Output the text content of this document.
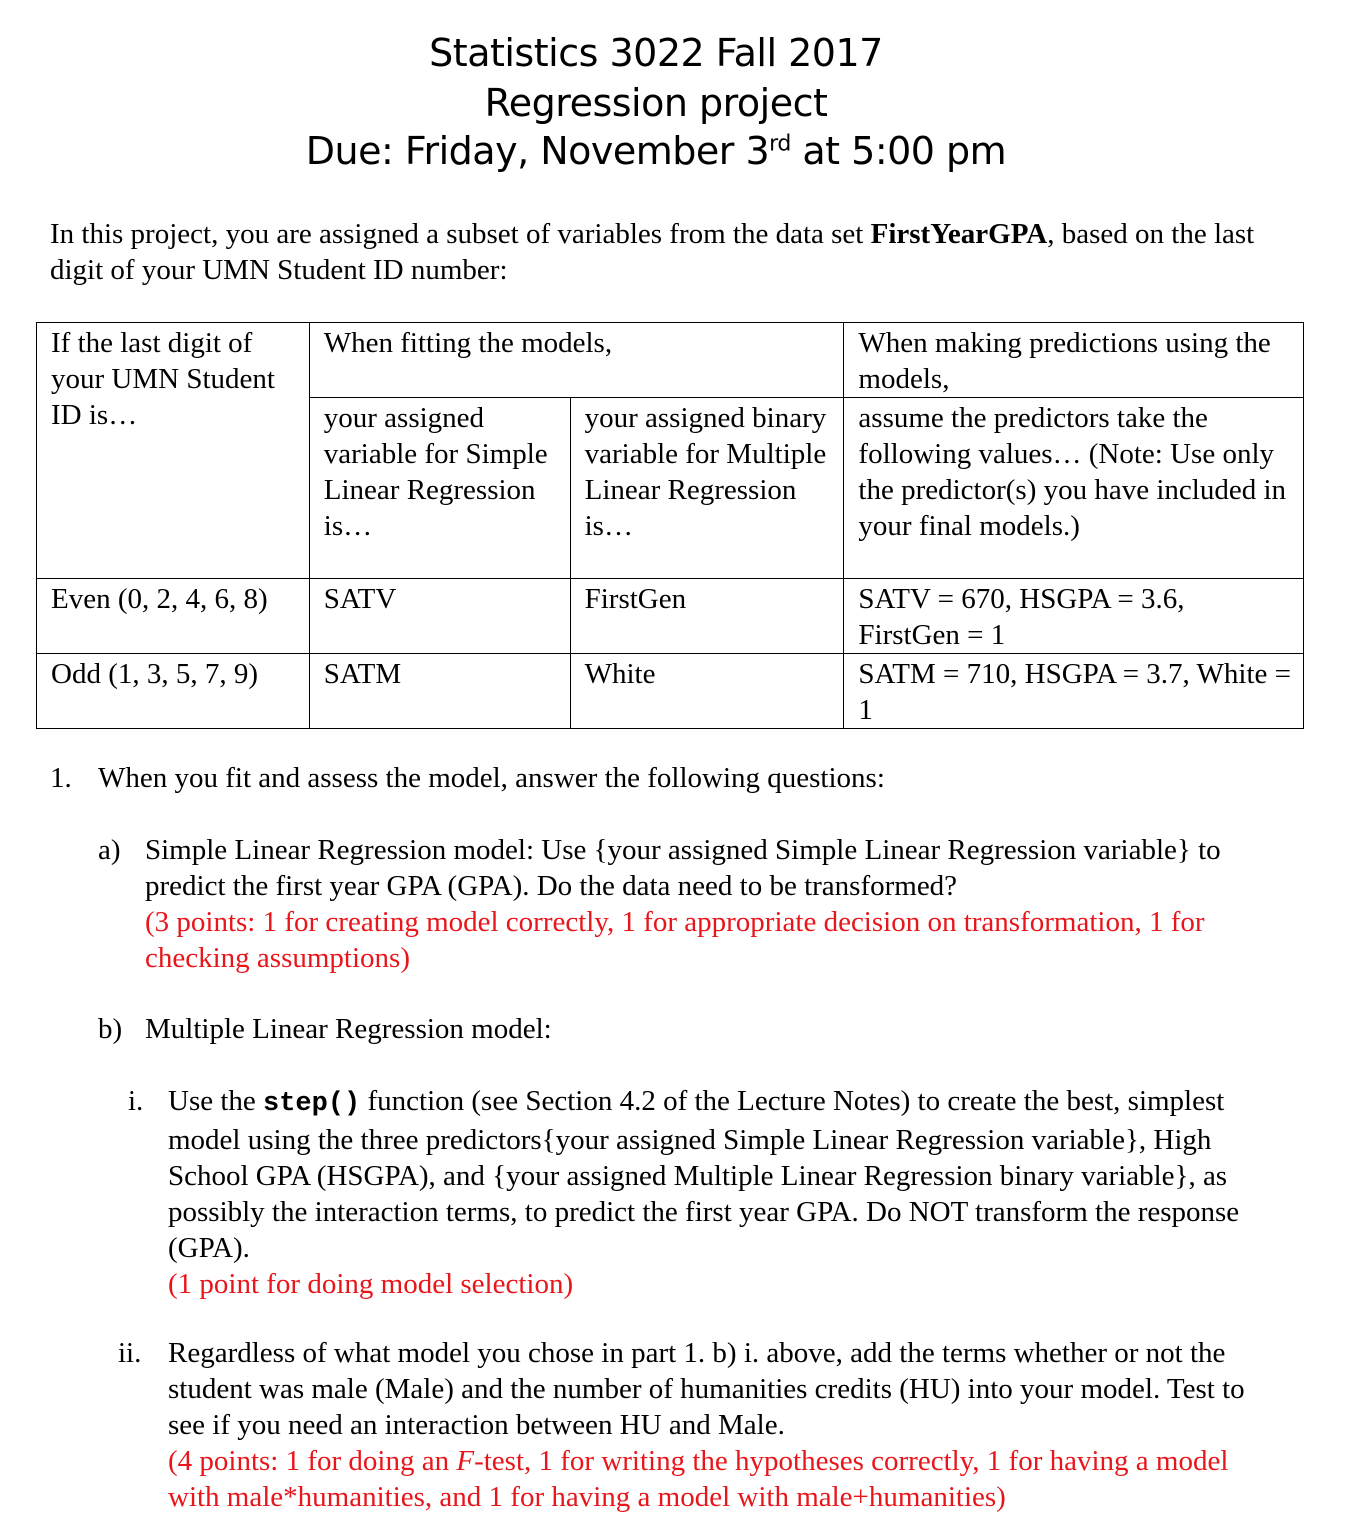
Statistics 3022 Fall 2017
Regression project
Due: Friday, November 3rd at 5:00 pm
In this project, you are assigned a subset of variables from the data set FirstYearGPA, based on the last digit of your UMN Student ID number:
If the last digit of your UMN Student ID is…	When fitting the models,		When making predictions using the models,
	your assigned variable for Simple Linear Regression is…	your assigned binary variable for Multiple Linear Regression is…	assume the predictors take the following values… (Note: Use only the predictor(s) you have included in your final models.)
Even (0, 2, 4, 6, 8)	SATV	FirstGen	SATV = 670, HSGPA = 3.6, FirstGen = 1
Odd (1, 3, 5, 7, 9)	SATM	White	SATM = 710, HSGPA = 3.7, White = 1
1. When you fit and assess the model, answer the following questions:
a) Simple Linear Regression model: Use {your assigned Simple Linear Regression variable} to predict the first year GPA (GPA). Do the data need to be transformed?
(3 points: 1 for creating model correctly, 1 for appropriate decision on transformation, 1 for checking assumptions)
b) Multiple Linear Regression model:
i. Use the step() function (see Section 4.2 of the Lecture Notes) to create the best, simplest model using the three predictors{your assigned Simple Linear Regression variable}, High School GPA (HSGPA), and {your assigned Multiple Linear Regression binary variable}, as possibly the interaction terms, to predict the first year GPA. Do NOT transform the response (GPA).
(1 point for doing model selection)
ii. Regardless of what model you chose in part 1. b) i. above, add the terms whether or not the student was male (Male) and the number of humanities credits (HU) into your model. Test to see if you need an interaction between HU and Male.
(4 points: 1 for doing an F-test, 1 for writing the hypotheses correctly, 1 for having a model with male*humanities, and 1 for having a model with male+humanities)
